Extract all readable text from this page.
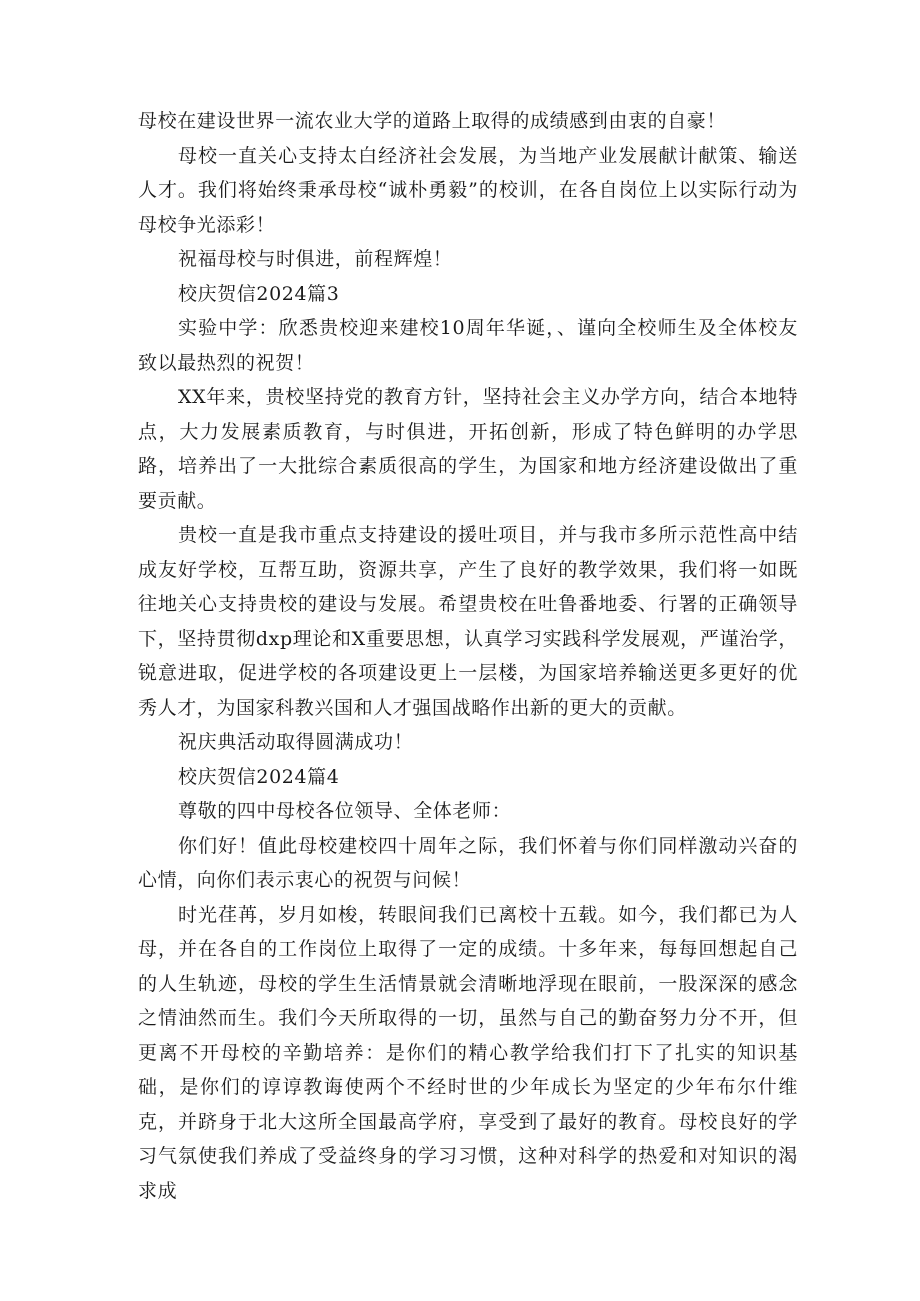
母校在建设世界一流农业大学的道路上取得的成绩感到由衷的自豪！

母校一直关心支持太白经济社会发展，为当地产业发展献计献策、输送人才。我们将始终秉承母校“诚朴勇毅”的校训，在各自岗位上以实际行动为母校争光添彩！

祝福母校与时俱进，前程辉煌！

校庆贺信2024篇3

实验中学：欣悉贵校迎来建校10周年华诞，、谨向全校师生及全体校友致以最热烈的祝贺！

XX年来，贵校坚持党的教育方针，坚持社会主义办学方向，结合本地特点，大力发展素质教育，与时俱进，开拓创新，形成了特色鲜明的办学思路，培养出了一大批综合素质很高的学生，为国家和地方经济建设做出了重要贡献。

贵校一直是我市重点支持建设的援吐项目，并与我市多所示范性高中结成友好学校，互帮互助，资源共享，产生了良好的教学效果，我们将一如既往地关心支持贵校的建设与发展。希望贵校在吐鲁番地委、行署的正确领导下，坚持贯彻dxp理论和X重要思想，认真学习实践科学发展观，严谨治学，锐意进取，促进学校的各项建设更上一层楼，为国家培养输送更多更好的优秀人才，为国家科教兴国和人才强国战略作出新的更大的贡献。

祝庆典活动取得圆满成功！

校庆贺信2024篇4

尊敬的四中母校各位领导、全体老师：

你们好！值此母校建校四十周年之际，我们怀着与你们同样激动兴奋的心情，向你们表示衷心的祝贺与问候！

时光荏苒，岁月如梭，转眼间我们已离校十五载。如今，我们都已为人母，并在各自的工作岗位上取得了一定的成绩。十多年来，每每回想起自己的人生轨迹，母校的学生生活情景就会清晰地浮现在眼前，一股深深的感念之情油然而生。我们今天所取得的一切，虽然与自己的勤奋努力分不开，但更离不开母校的辛勤培养：是你们的精心教学给我们打下了扎实的知识基础，是你们的谆谆教诲使两个不经时世的少年成长为坚定的少年布尔什维克，并跻身于北大这所全国最高学府，享受到了最好的教育。母校良好的学习气氛使我们养成了受益终身的学习习惯，这种对科学的热爱和对知识的渴求成
